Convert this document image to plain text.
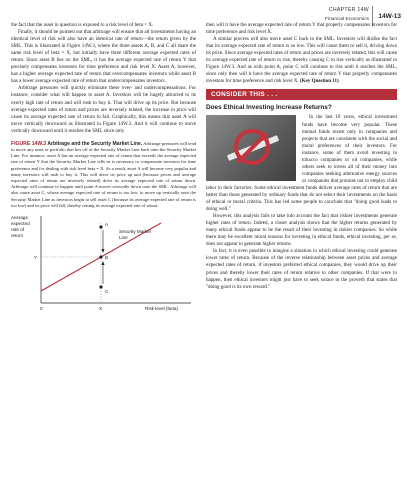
CHAPTER 14W
Financial Economics 14W-13

the fact that the asset in question is exposed to a risk level of beta = X.

Finally, it should be pointed out that arbitrage will ensure that all investments having an identical level of risk will also have an identical rate of return—the return given by the SML. This is illustrated in Figure 14W.3, where the three assets A, B, and C all share the same risk level of beta = X, but initially have three different average expected rates of return. Since asset B lies on the SML, it has the average expected rate of return Y that precisely compensates investors for time preference and risk level X. Asset A, however, has a higher average expected rate of return that overcompensates investors while asset B has a lower average expected rate of return that undercompensates investors.

Arbitrage pressures will quickly eliminate these over- and undercompensations. For instance, consider what will happen to asset A. Investors will be hugely attracted to its overly high rate of return and will rush to buy it. That will drive up its price. But because average expected rates of return and prices are inversely related, the increase in price will cause its average expected rate of return to fall. Graphically, this means that asset A will move vertically downward as illustrated in Figure 14W.3. And it will continue to move vertically downward until it reaches the SML since only

FIGURE 14W.3 Arbitrage and the Security Market Line. Arbitrage pressures will tend to move any asset or portfolio that lies off of the Security Market Line back onto the Security Market Line. For instance, asset A has an average expected rate of return that exceeds the average expected rate of return Y that the Security Market Line tells us is necessary to compensate investors for time preference and for dealing with risk level beta = X. As a result, asset A will become very popular and many investors will rush to buy it. This will drive its price up and (because prices and average expected rates of return are inversely related) drive its average expected rate of return down. Arbitrage will continue to happen until point A moves vertically down onto the SML. Arbitrage will also cause asset C, whose average expected rate of return is too low, to move up vertically onto the Security Market Line as investors begin to sell asset C (because its average expected rate of return is too low) and its price will fall, thereby raising its average expected rate of return.
Average
expected
rate of
return
Security Market
Line
A
B
C
Y
0	X	Risk level (beta)

then will it have the average expected rate of return Y that properly compensates investors for time preference and risk level X.

A similar process will also move asset C back to the SML. Investors will dislike the fact that its average expected rate of return is so low. This will cause them to sell it, driving down its price. Since average expected rates of return and prices are inversely related, this will cause its average expected rate of return to rise, thereby causing C to rise vertically as illustrated in Figure 14W.3. And as with point A, point C will continue to rise until it reaches the SML, since only then will it have the average expected rate of return Y that properly compensates investors for time preference and risk level X. (Key Question 11)

CONSIDER THIS . . .
Does Ethical Investing Increase Returns?

In the last 10 years, ethical investment funds have become very popular. These mutual funds invest only in companies and projects that are consistent with the social and moral preferences of their investors. For instance, some of them avoid investing in tobacco companies or oil companies, while others seek to invest all of their money into companies seeking alternative energy sources or companies that promise not to employ child labor in their factories. Some ethical investment funds deliver average rates of return that are better than those generated by ordinary funds that do not select their investments on the basis of ethical or moral criteria. This has led some people to conclude that "doing good leads to doing well."

However, this analysis fails to take into account the fact that riskier investments generate higher rates of return. Indeed, a closer analysis shows that the higher returns generated by many ethical funds appear to be the result of their investing in riskier companies. So while there may be excellent moral reasons for investing in ethical funds, ethical investing, per se, does not appear to generate higher returns.

In fact, it is even possible to imagine a situation in which ethical investing could generate lower rates of return. Because of the inverse relationship between asset prices and average expected rates of return, if investors preferred ethical companies, they would drive up their prices and thereby lower their rates of return relative to other companies. If that were to happen, then ethical investors might just have to seek solace in the proverb that states that "doing good is its own reward."
